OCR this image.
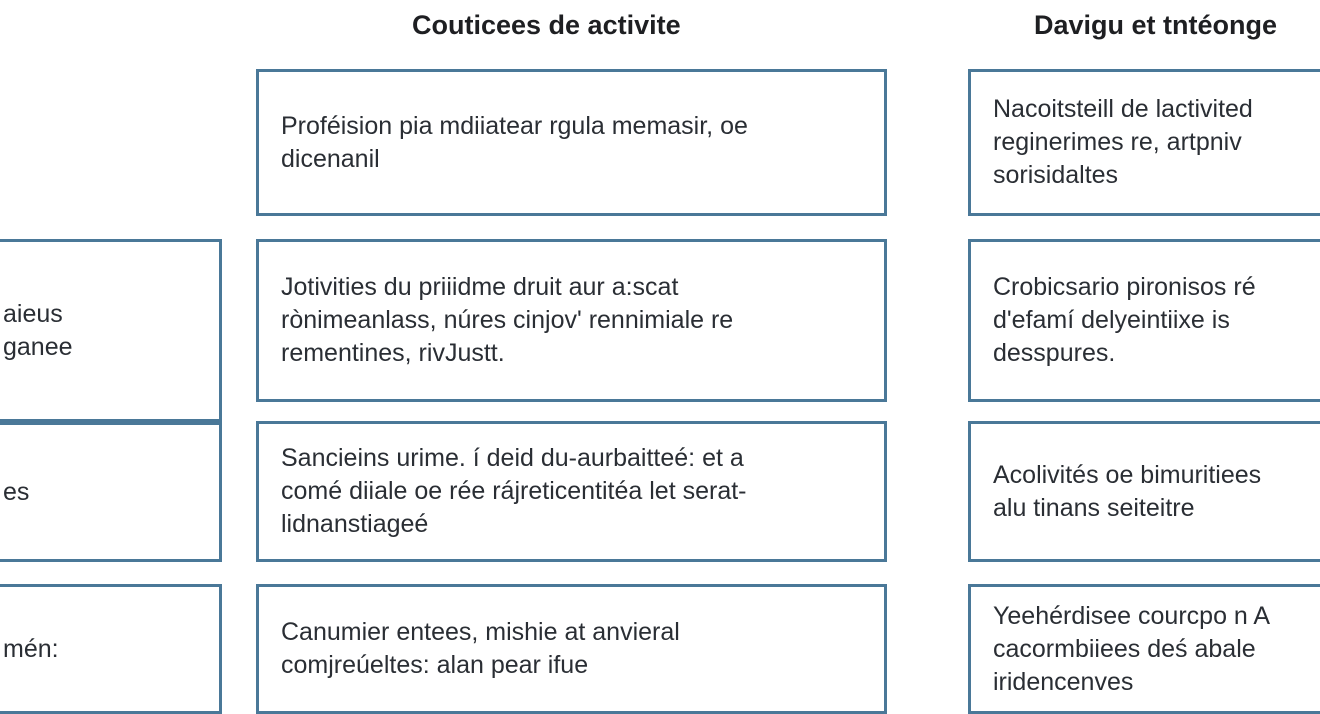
Couticees de activite	Davigu et tntéonge
aieus
ganee
es
mén:
Proféision pia mdiiatear rgula memasir, oe
dicenanil
Jotivities du priiidme druit aur a:scat
rònimeanlass, núres cinjov' rennimiale re
rementines, rivJustt.
Sancieins urime. í deid du-aurbaitteé: et a
comé diiale oe rée rájreticentitéa let serat-
lidnanstiageé
Canumier entees, mishie at anvieral
comjreúeltes: alan pear ifue
Nacoitsteill de lactivited
reginerimes re, artpniv
sorisidaltes
Crobicsario pironisos ré
d'efamí delyeintiixe is
desspures.
Acolivités oe bimuritiees
alu tinans seiteitre
Yeehérdisee courcpo n A
cacormbiiees deś abale
iridencenves
